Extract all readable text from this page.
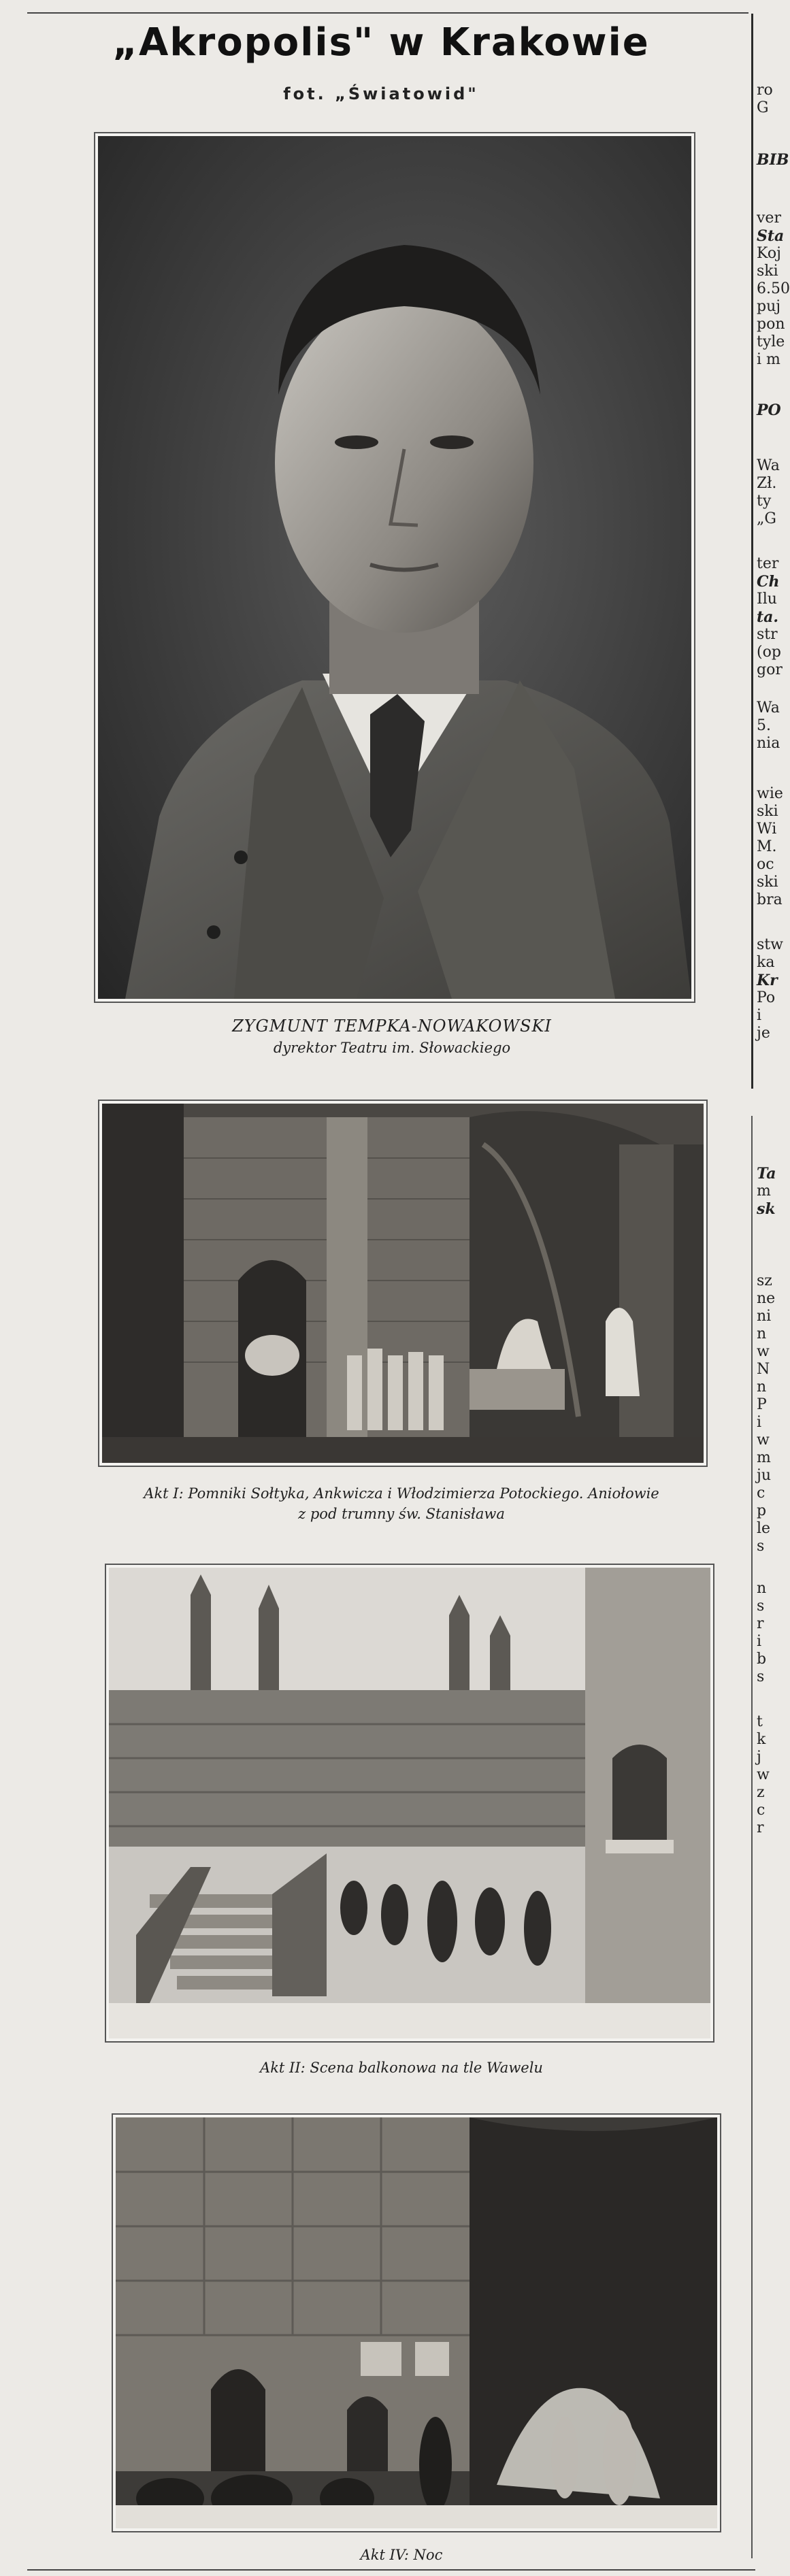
„Akropolis" w Krakowie
fot. „Światowid"
ZYGMUNT TEMPKA-NOWAKOWSKI
dyrektor Teatru im. Słowackiego
Akt I: Pomniki Sołtyka, Ankwicza i Włodzimierza Potockiego. Aniołowie
z pod trumny św. Stanisława
Akt II: Scena balkonowa na tle Wawelu
Akt IV: Noc
ro
G
BIB
ver
Sta
Koj
ski
6.50
puj
pon
tyle
i m
PO
Wa
Zł.
ty
„G
ter
Ch
Ilu
ta.
str
(op
gor
Wa
5.
nia
wie
ski
Wi
M.
oc
ski
bra
stw
ka
Kr
Po
i
je
Ta
m
sk
sz
ne
ni
n
w
N
n
P
i
w
m
ju
c
p
le
s
n
s
r
i
b
s
t
k
j
w
z
c
r
